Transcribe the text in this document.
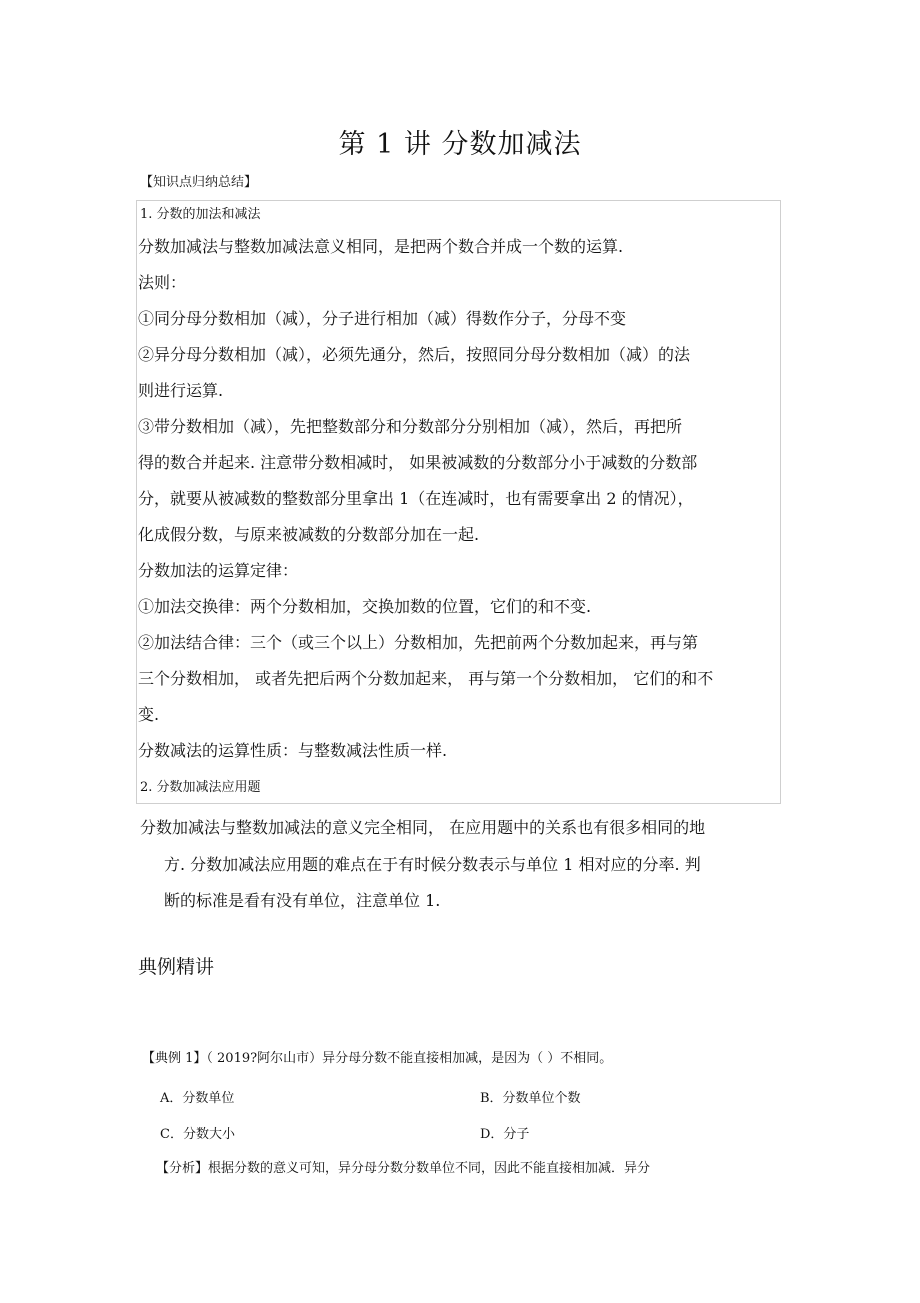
第 1 讲 分数加减法
【知识点归纳总结】
1. 分数的加法和减法
分数加减法与整数加减法意义相同，是把两个数合并成一个数的运算.
法则：
①同分母分数相加（减），分子进行相加（减）得数作分子，分母不变
②异分母分数相加（减），必须先通分，然后，按照同分母分数相加（减）的法
则进行运算.
③带分数相加（减），先把整数部分和分数部分分别相加（减），然后，再把所
得的数合并起来. 注意带分数相减时， 如果被减数的分数部分小于减数的分数部
分，就要从被减数的整数部分里拿出 1（在连减时，也有需要拿出 2 的情况），
化成假分数，与原来被减数的分数部分加在一起.
分数加法的运算定律：
①加法交换律：两个分数相加，交换加数的位置，它们的和不变.
②加法结合律：三个（或三个以上）分数相加，先把前两个分数加起来，再与第
三个分数相加， 或者先把后两个分数加起来， 再与第一个分数相加， 它们的和不
变.
分数减法的运算性质：与整数减法性质一样.
2. 分数加减法应用题
分数加减法与整数加减法的意义完全相同， 在应用题中的关系也有很多相同的地
方. 分数加减法应用题的难点在于有时候分数表示与单位 1 相对应的分率. 判
断的标准是看有没有单位，注意单位 1.
典例精讲
【典例 1】（ 2019?阿尔山市）异分母分数不能直接相加减，是因为（ ）不相同。
A．分数单位	B．分数单位个数
C．分数大小	D．分子
【分析】根据分数的意义可知，异分母分数分数单位不同，因此不能直接相加减．异分
